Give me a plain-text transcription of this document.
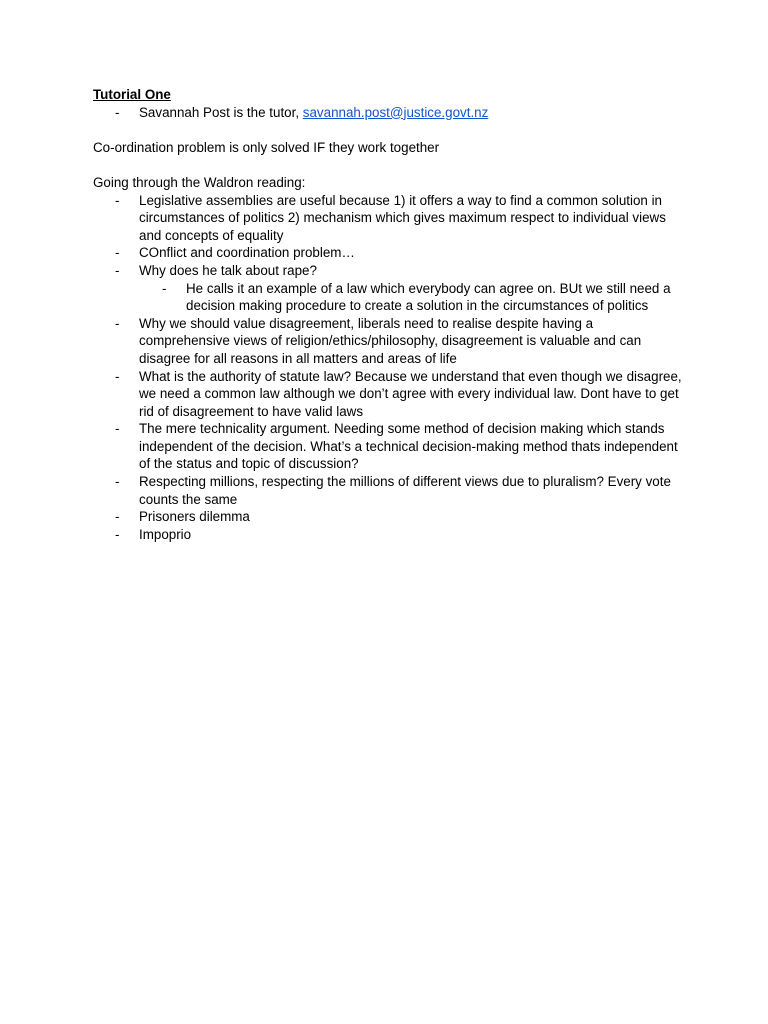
Tutorial One

- Savannah Post is the tutor, savannah.post@justice.govt.nz

Co-ordination problem is only solved IF they work together

Going through the Waldron reading:

- Legislative assemblies are useful because 1) it offers a way to find a common solution in circumstances of politics 2) mechanism which gives maximum respect to individual views and concepts of equality
- COnflict and coordination problem…
- Why does he talk about rape?
- He calls it an example of a law which everybody can agree on. BUt we still need a decision making procedure to create a solution in the circumstances of politics
- Why we should value disagreement, liberals need to realise despite having a comprehensive views of religion/ethics/philosophy, disagreement is valuable and can disagree for all reasons in all matters and areas of life
- What is the authority of statute law? Because we understand that even though we disagree, we need a common law although we don’t agree with every individual law. Dont have to get rid of disagreement to have valid laws
- The mere technicality argument. Needing some method of decision making which stands independent of the decision. What’s a technical decision-making method thats independent of the status and topic of discussion?
- Respecting millions, respecting the millions of different views due to pluralism? Every vote counts the same
- Prisoners dilemma
- Impoprio
